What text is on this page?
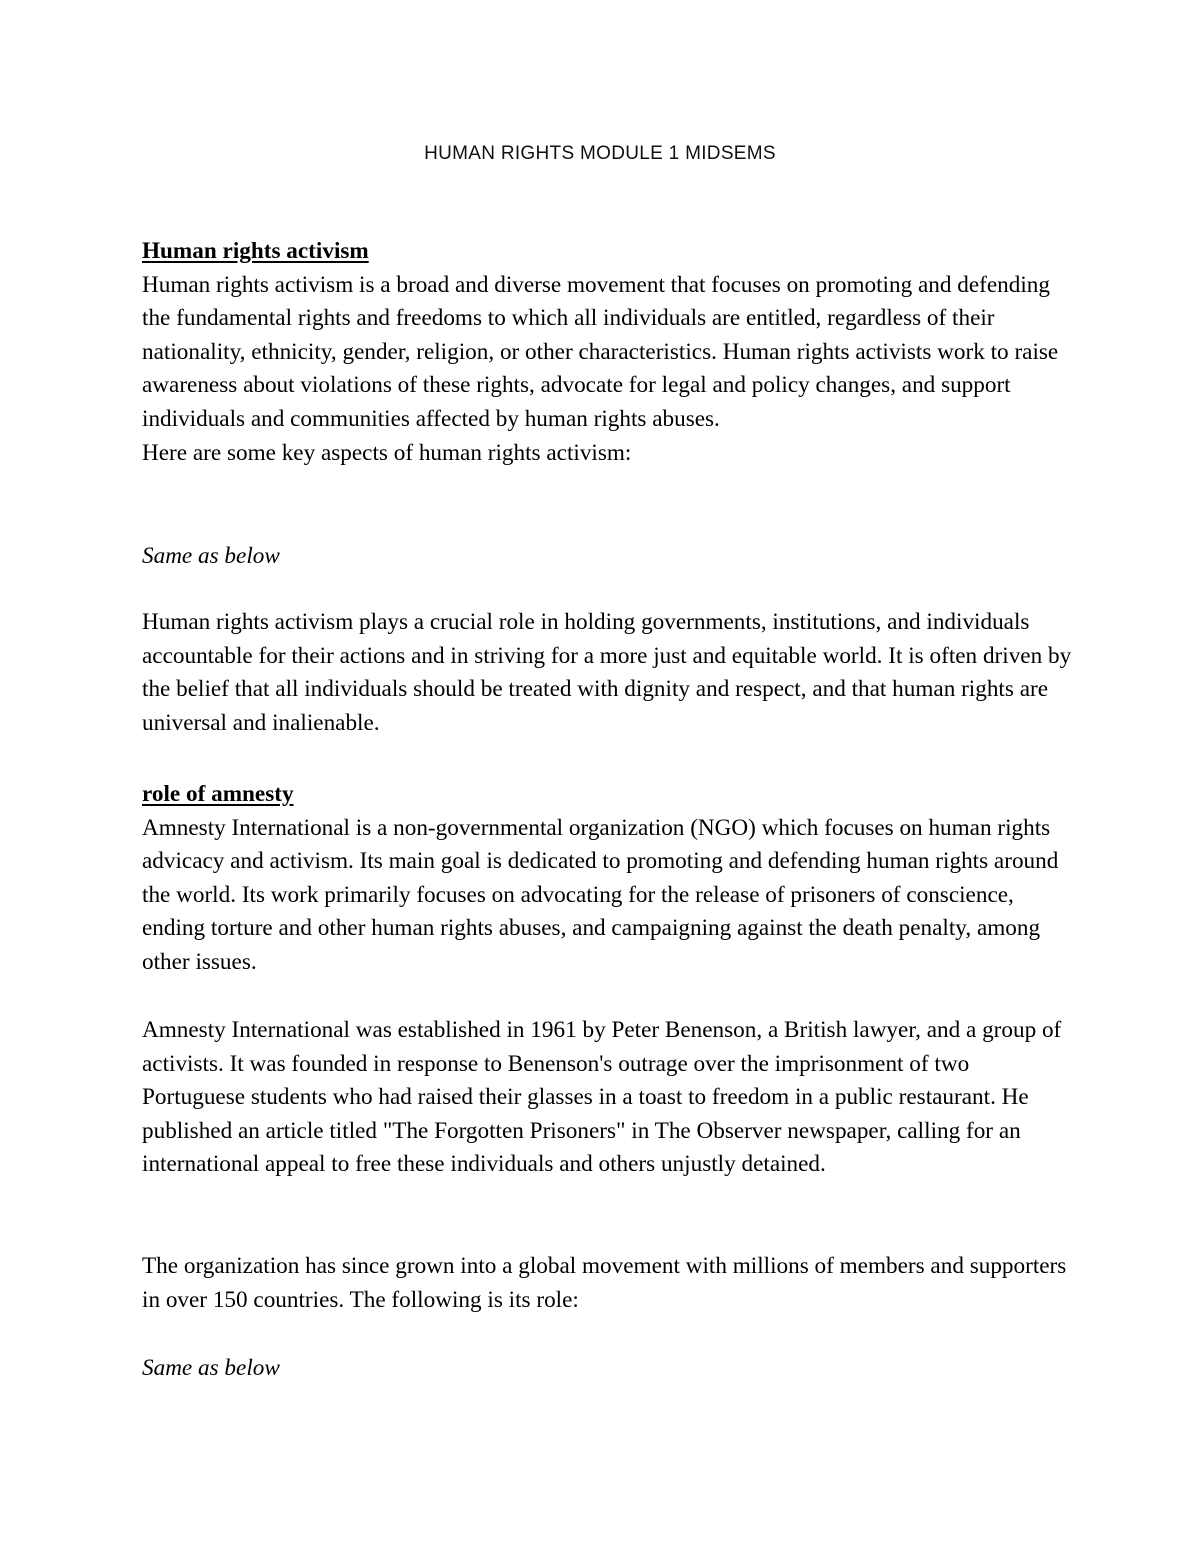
HUMAN RIGHTS MODULE 1 MIDSEMS

Human rights activism

Human rights activism is a broad and diverse movement that focuses on promoting and defending the fundamental rights and freedoms to which all individuals are entitled, regardless of their nationality, ethnicity, gender, religion, or other characteristics. Human rights activists work to raise awareness about violations of these rights, advocate for legal and policy changes, and support individuals and communities affected by human rights abuses.

Here are some key aspects of human rights activism:

Same as below
Human rights activism plays a crucial role in holding governments, institutions, and individuals accountable for their actions and in striving for a more just and equitable world. It is often driven by the belief that all individuals should be treated with dignity and respect, and that human rights are universal and inalienable.

role of amnesty

Amnesty International is a non-governmental organization (NGO) which focuses on human rights advicacy and activism. Its main goal is dedicated to promoting and defending human rights around the world. Its work primarily focuses on advocating for the release of prisoners of conscience, ending torture and other human rights abuses, and campaigning against the death penalty, among other issues.

Amnesty International was established in 1961 by Peter Benenson, a British lawyer, and a group of activists. It was founded in response to Benenson's outrage over the imprisonment of two Portuguese students who had raised their glasses in a toast to freedom in a public restaurant. He published an article titled "The Forgotten Prisoners" in The Observer newspaper, calling for an international appeal to free these individuals and others unjustly detained.
The organization has since grown into a global movement with millions of members and supporters in over 150 countries. The following is its role:
Same as below
